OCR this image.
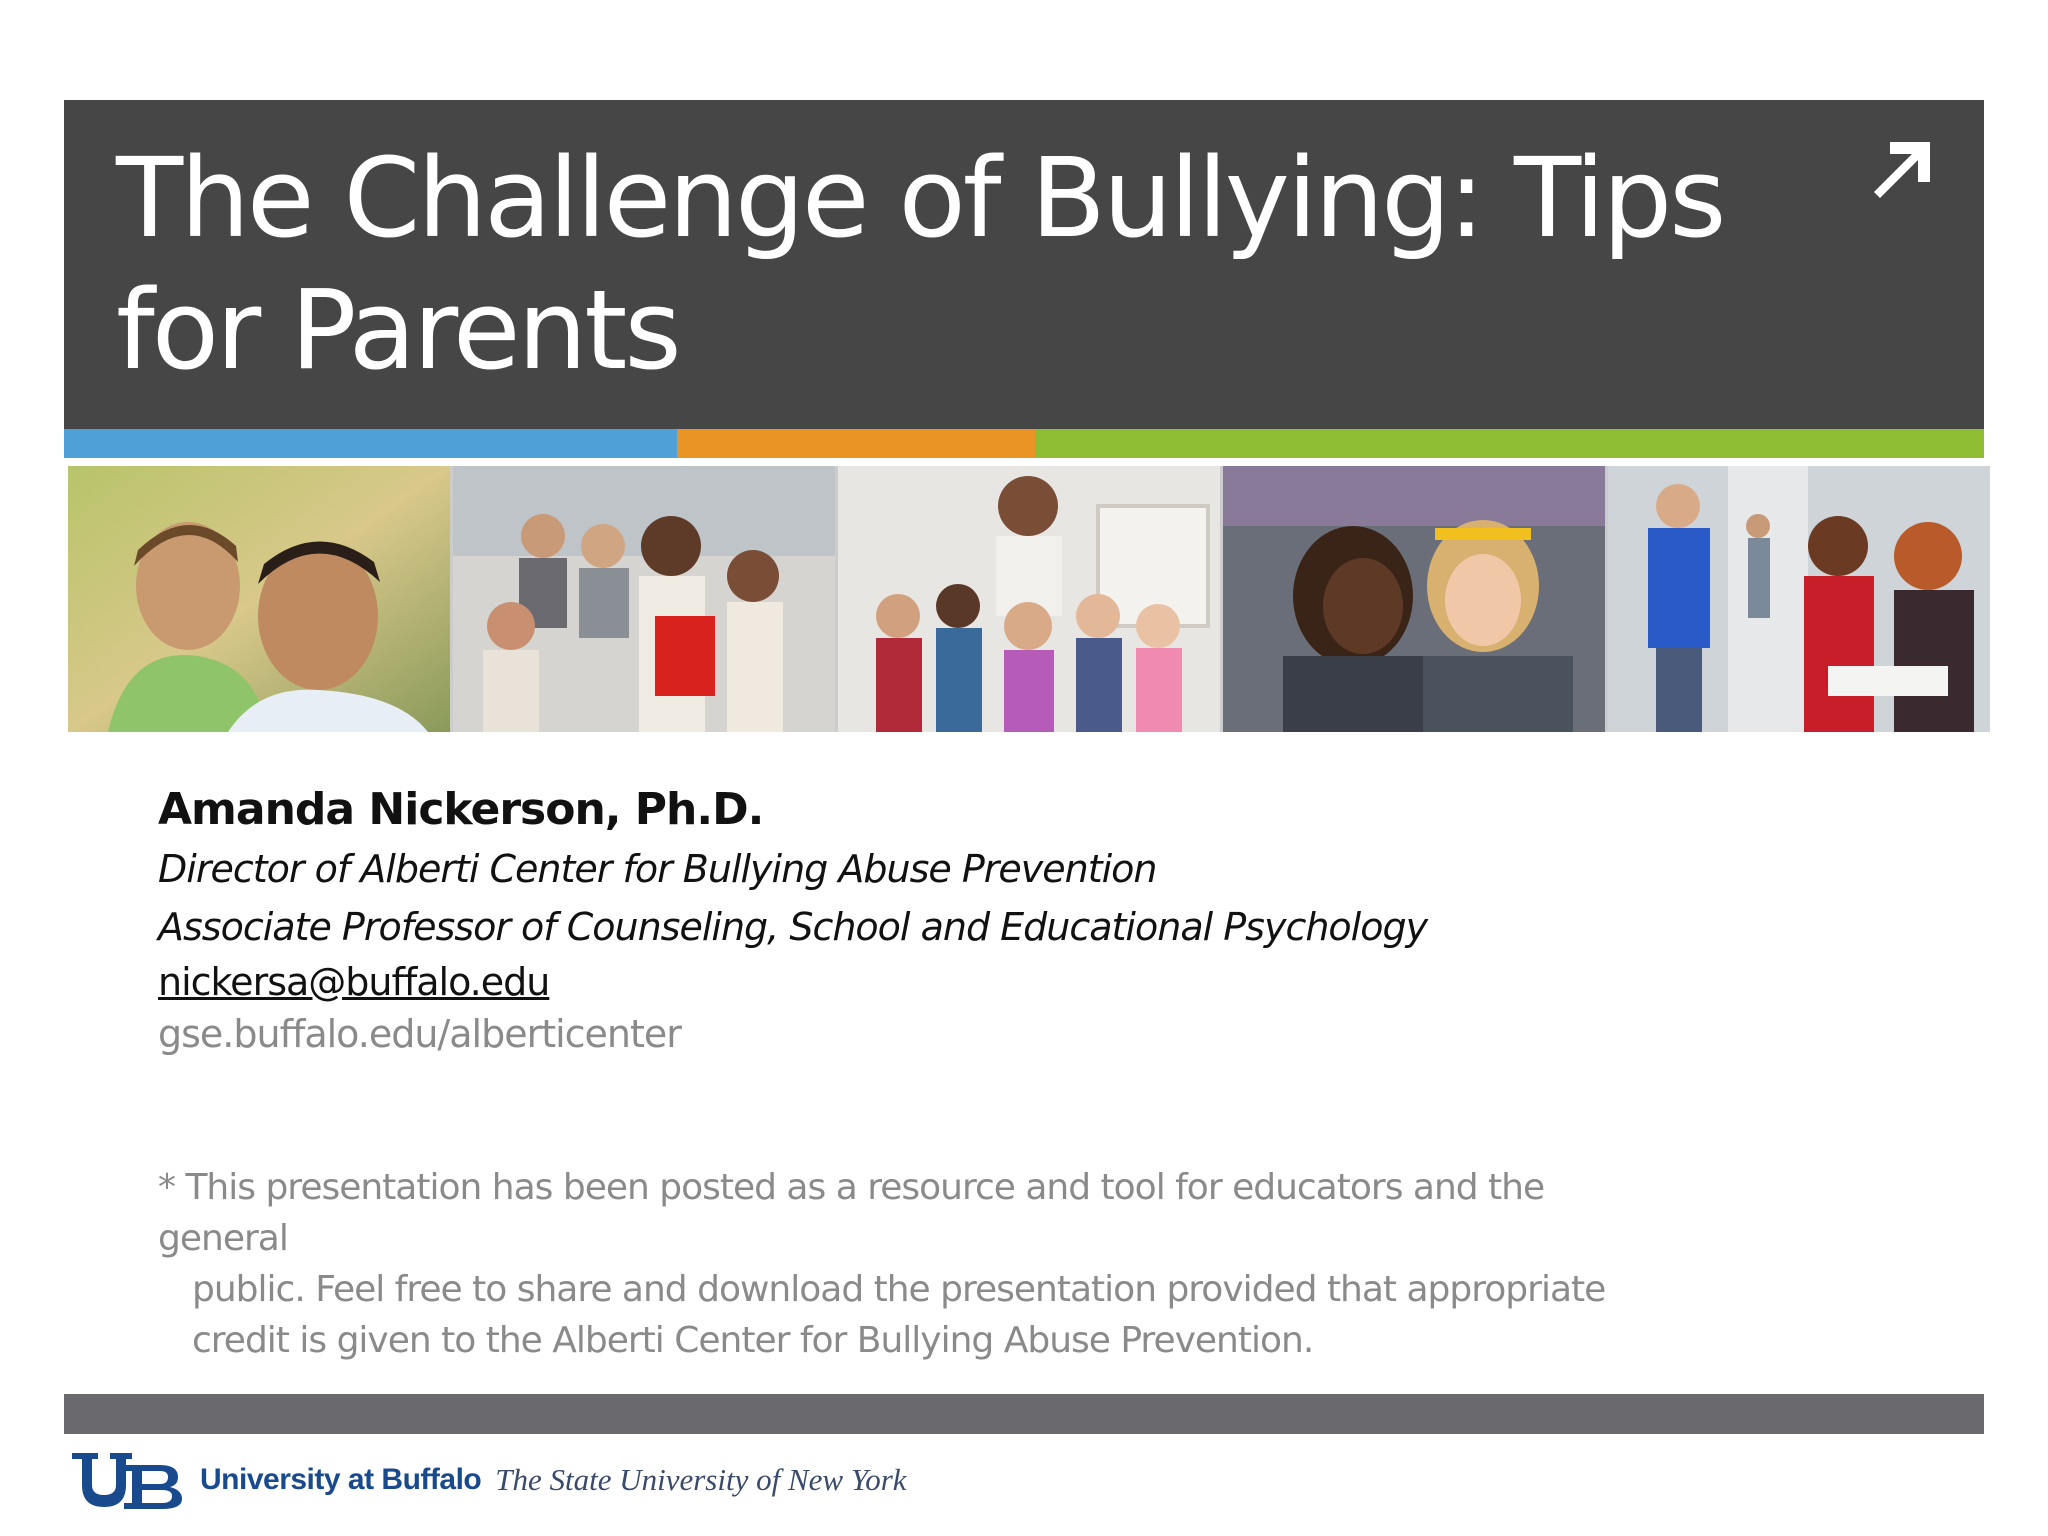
The Challenge of Bullying: Tips for Parents
Amanda Nickerson, Ph.D.
Director of Alberti Center for Bullying Abuse Prevention
Associate Professor of Counseling, School and Educational Psychology
nickersa@buffalo.edu
gse.buffalo.edu/alberticenter
* This presentation has been posted as a resource and tool for educators and the
general
public. Feel free to share and download the presentation provided that appropriate
credit is given to the Alberti Center for Bullying Abuse Prevention.
University at Buffalo The State University of New York
